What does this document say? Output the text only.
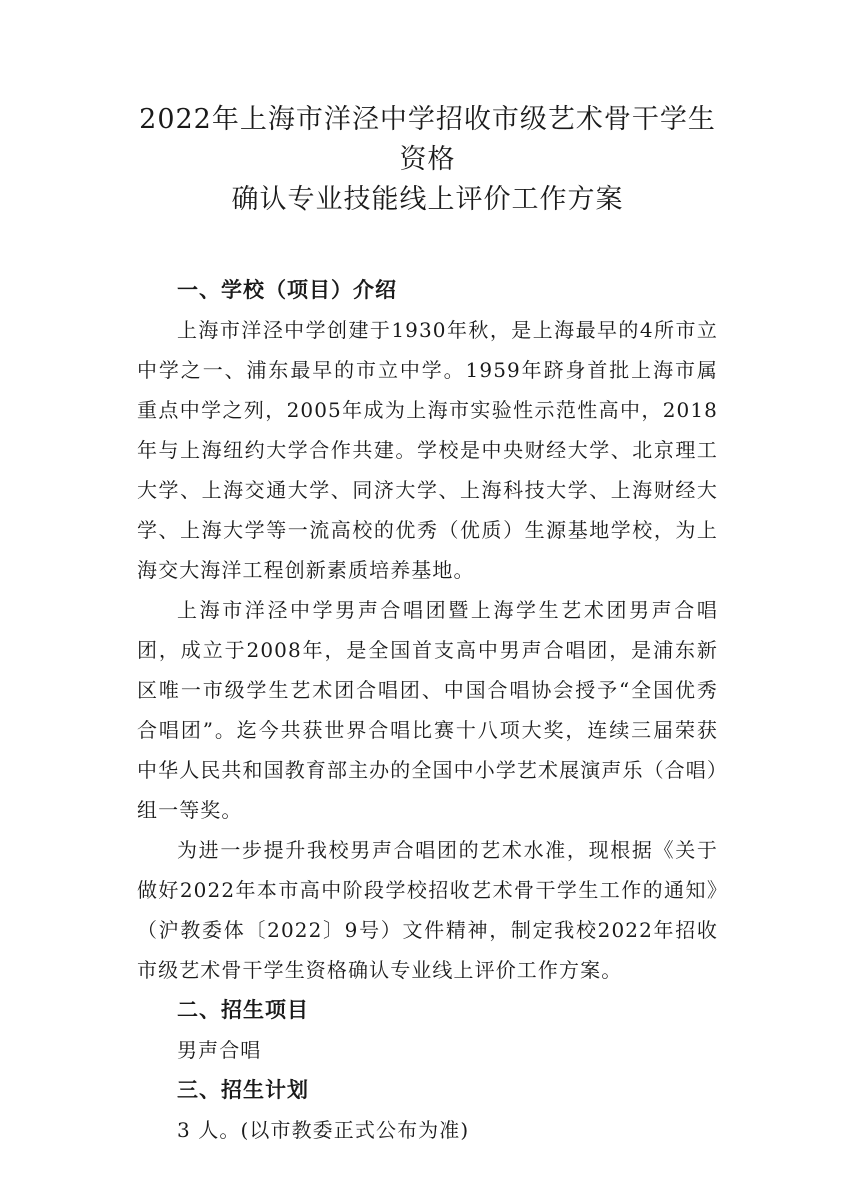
2022年上海市洋泾中学招收市级艺术骨干学生资格
确认专业技能线上评价工作方案
一、学校（项目）介绍

上海市洋泾中学创建于1930年秋，是上海最早的4所市立中学之一、浦东最早的市立中学。1959年跻身首批上海市属重点中学之列，2005年成为上海市实验性示范性高中，2018年与上海纽约大学合作共建。学校是中央财经大学、北京理工大学、上海交通大学、同济大学、上海科技大学、上海财经大学、上海大学等一流高校的优秀（优质）生源基地学校，为上海交大海洋工程创新素质培养基地。

上海市洋泾中学男声合唱团暨上海学生艺术团男声合唱团，成立于2008年，是全国首支高中男声合唱团，是浦东新区唯一市级学生艺术团合唱团、中国合唱协会授予“全国优秀合唱团”。迄今共获世界合唱比赛十八项大奖，连续三届荣获中华人民共和国教育部主办的全国中小学艺术展演声乐（合唱）组一等奖。

为进一步提升我校男声合唱团的艺术水准，现根据《关于做好2022年本市高中阶段学校招收艺术骨干学生工作的通知》（沪教委体〔2022〕9号）文件精神，制定我校2022年招收市级艺术骨干学生资格确认专业线上评价工作方案。

二、招生项目

男声合唱

三、招生计划

3 人。(以市教委正式公布为准)
